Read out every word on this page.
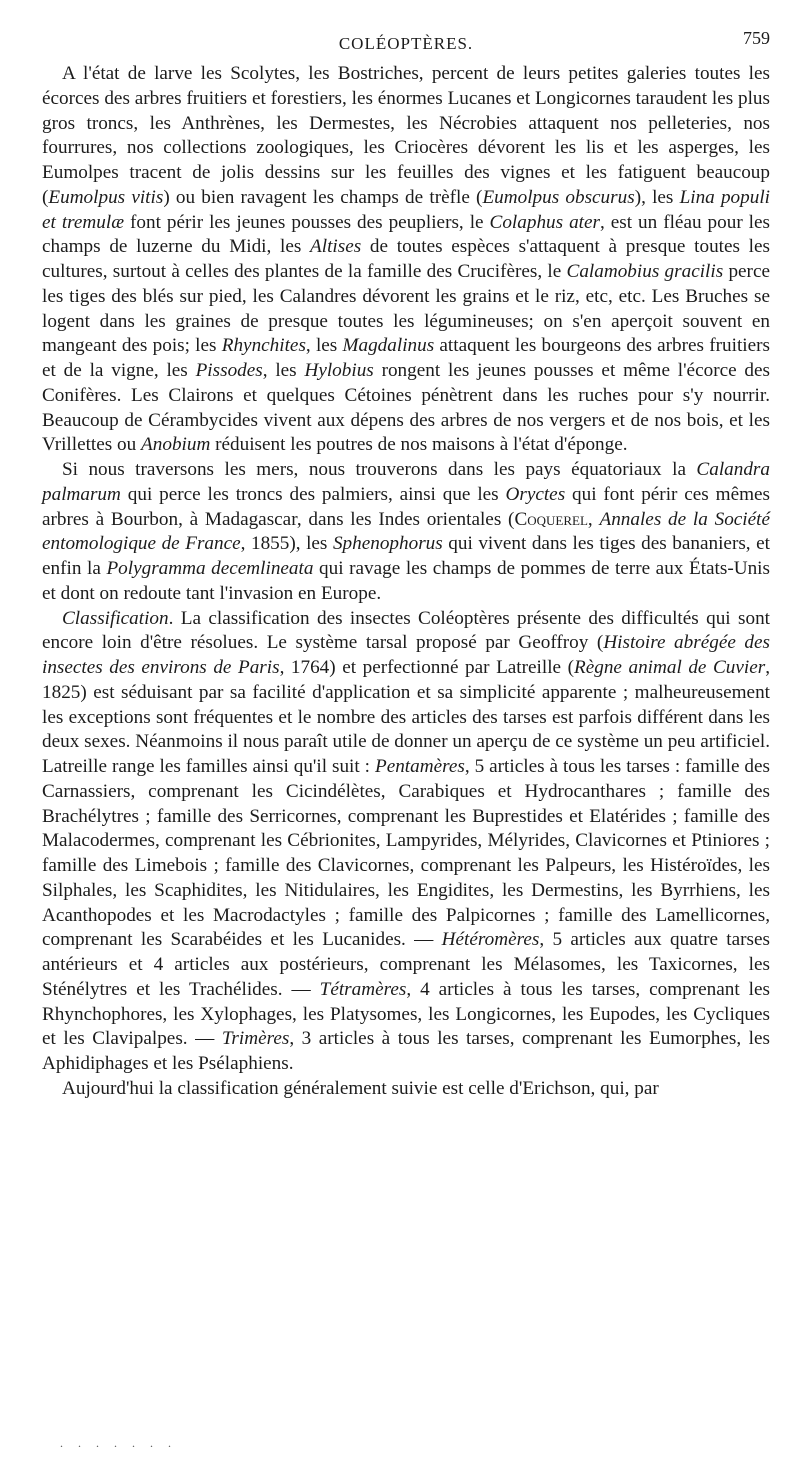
COLÉOPTÈRES.	759

A l'état de larve les Scolytes, les Bostriches, percent de leurs petites galeries toutes les écorces des arbres fruitiers et forestiers, les énormes Lucanes et Longicornes taraudent les plus gros troncs, les Anthrènes, les Dermestes, les Nécrobies attaquent nos pelleteries, nos fourrures, nos collections zoologiques, les Criocères dévorent les lis et les asperges, les Eumolpes tracent de jolis dessins sur les feuilles des vignes et les fatiguent beaucoup (Eumolpus vitis) ou bien ravagent les champs de trèfle (Eumolpus obscurus), les Lina populi et tremulæ font périr les jeunes pousses des peupliers, le Colaphus ater, est un fléau pour les champs de luzerne du Midi, les Altises de toutes espèces s'attaquent à presque toutes les cultures, surtout à celles des plantes de la famille des Crucifères, le Calamobius gracilis perce les tiges des blés sur pied, les Calandres dévorent les grains et le riz, etc, etc. Les Bruches se logent dans les graines de presque toutes les légumineuses; on s'en aperçoit souvent en mangeant des pois; les Rhynchites, les Magdalinus attaquent les bourgeons des arbres fruitiers et de la vigne, les Pissodes, les Hylobius rongent les jeunes pousses et même l'écorce des Conifères. Les Clairons et quelques Cétoines pénètrent dans les ruches pour s'y nourrir. Beaucoup de Cérambycides vivent aux dépens des arbres de nos vergers et de nos bois, et les Vrillettes ou Anobium réduisent les poutres de nos maisons à l'état d'éponge.

Si nous traversons les mers, nous trouverons dans les pays équatoriaux la Calandra palmarum qui perce les troncs des palmiers, ainsi que les Oryctes qui font périr ces mêmes arbres à Bourbon, à Madagascar, dans les Indes orientales (Coquerel, Annales de la Société entomologique de France, 1855), les Sphenophorus qui vivent dans les tiges des bananiers, et enfin la Polygramma decemlineata qui ravage les champs de pommes de terre aux États-Unis et dont on redoute tant l'invasion en Europe.

Classification. La classification des insectes Coléoptères présente des difficultés qui sont encore loin d'être résolues. Le système tarsal proposé par Geoffroy (Histoire abrégée des insectes des environs de Paris, 1764) et perfectionné par Latreille (Règne animal de Cuvier, 1825) est séduisant par sa facilité d'application et sa simplicité apparente ; malheureusement les exceptions sont fréquentes et le nombre des articles des tarses est parfois différent dans les deux sexes. Néanmoins il nous paraît utile de donner un aperçu de ce système un peu artificiel. Latreille range les familles ainsi qu'il suit : Pentamères, 5 articles à tous les tarses : famille des Carnassiers, comprenant les Cicindélètes, Carabiques et Hydrocanthares ; famille des Brachélytres ; famille des Serricornes, comprenant les Buprestides et Elatérides ; famille des Malacodermes, comprenant les Cébrionites, Lampyrides, Mélyrides, Clavicornes et Ptiniores ; famille des Limebois ; famille des Clavicornes, comprenant les Palpeurs, les Histéroïdes, les Silphales, les Scaphidites, les Nitidulaires, les Engidites, les Dermestins, les Byrrhiens, les Acanthopodes et les Macrodactyles ; famille des Palpicornes ; famille des Lamellicornes, comprenant les Scarabéides et les Lucanides. — Hétéromères, 5 articles aux quatre tarses antérieurs et 4 articles aux postérieurs, comprenant les Mélasomes, les Taxicornes, les Sténélytres et les Trachélides. — Tétramères, 4 articles à tous les tarses, comprenant les Rhynchophores, les Xylophages, les Platysomes, les Longicornes, les Eupodes, les Cycliques et les Clavipalpes. — Trimères, 3 articles à tous les tarses, comprenant les Eumorphes, les Aphidiphages et les Psélaphiens.

Aujourd'hui la classification généralement suivie est celle d'Erichson, qui, par

. . . . . . .
